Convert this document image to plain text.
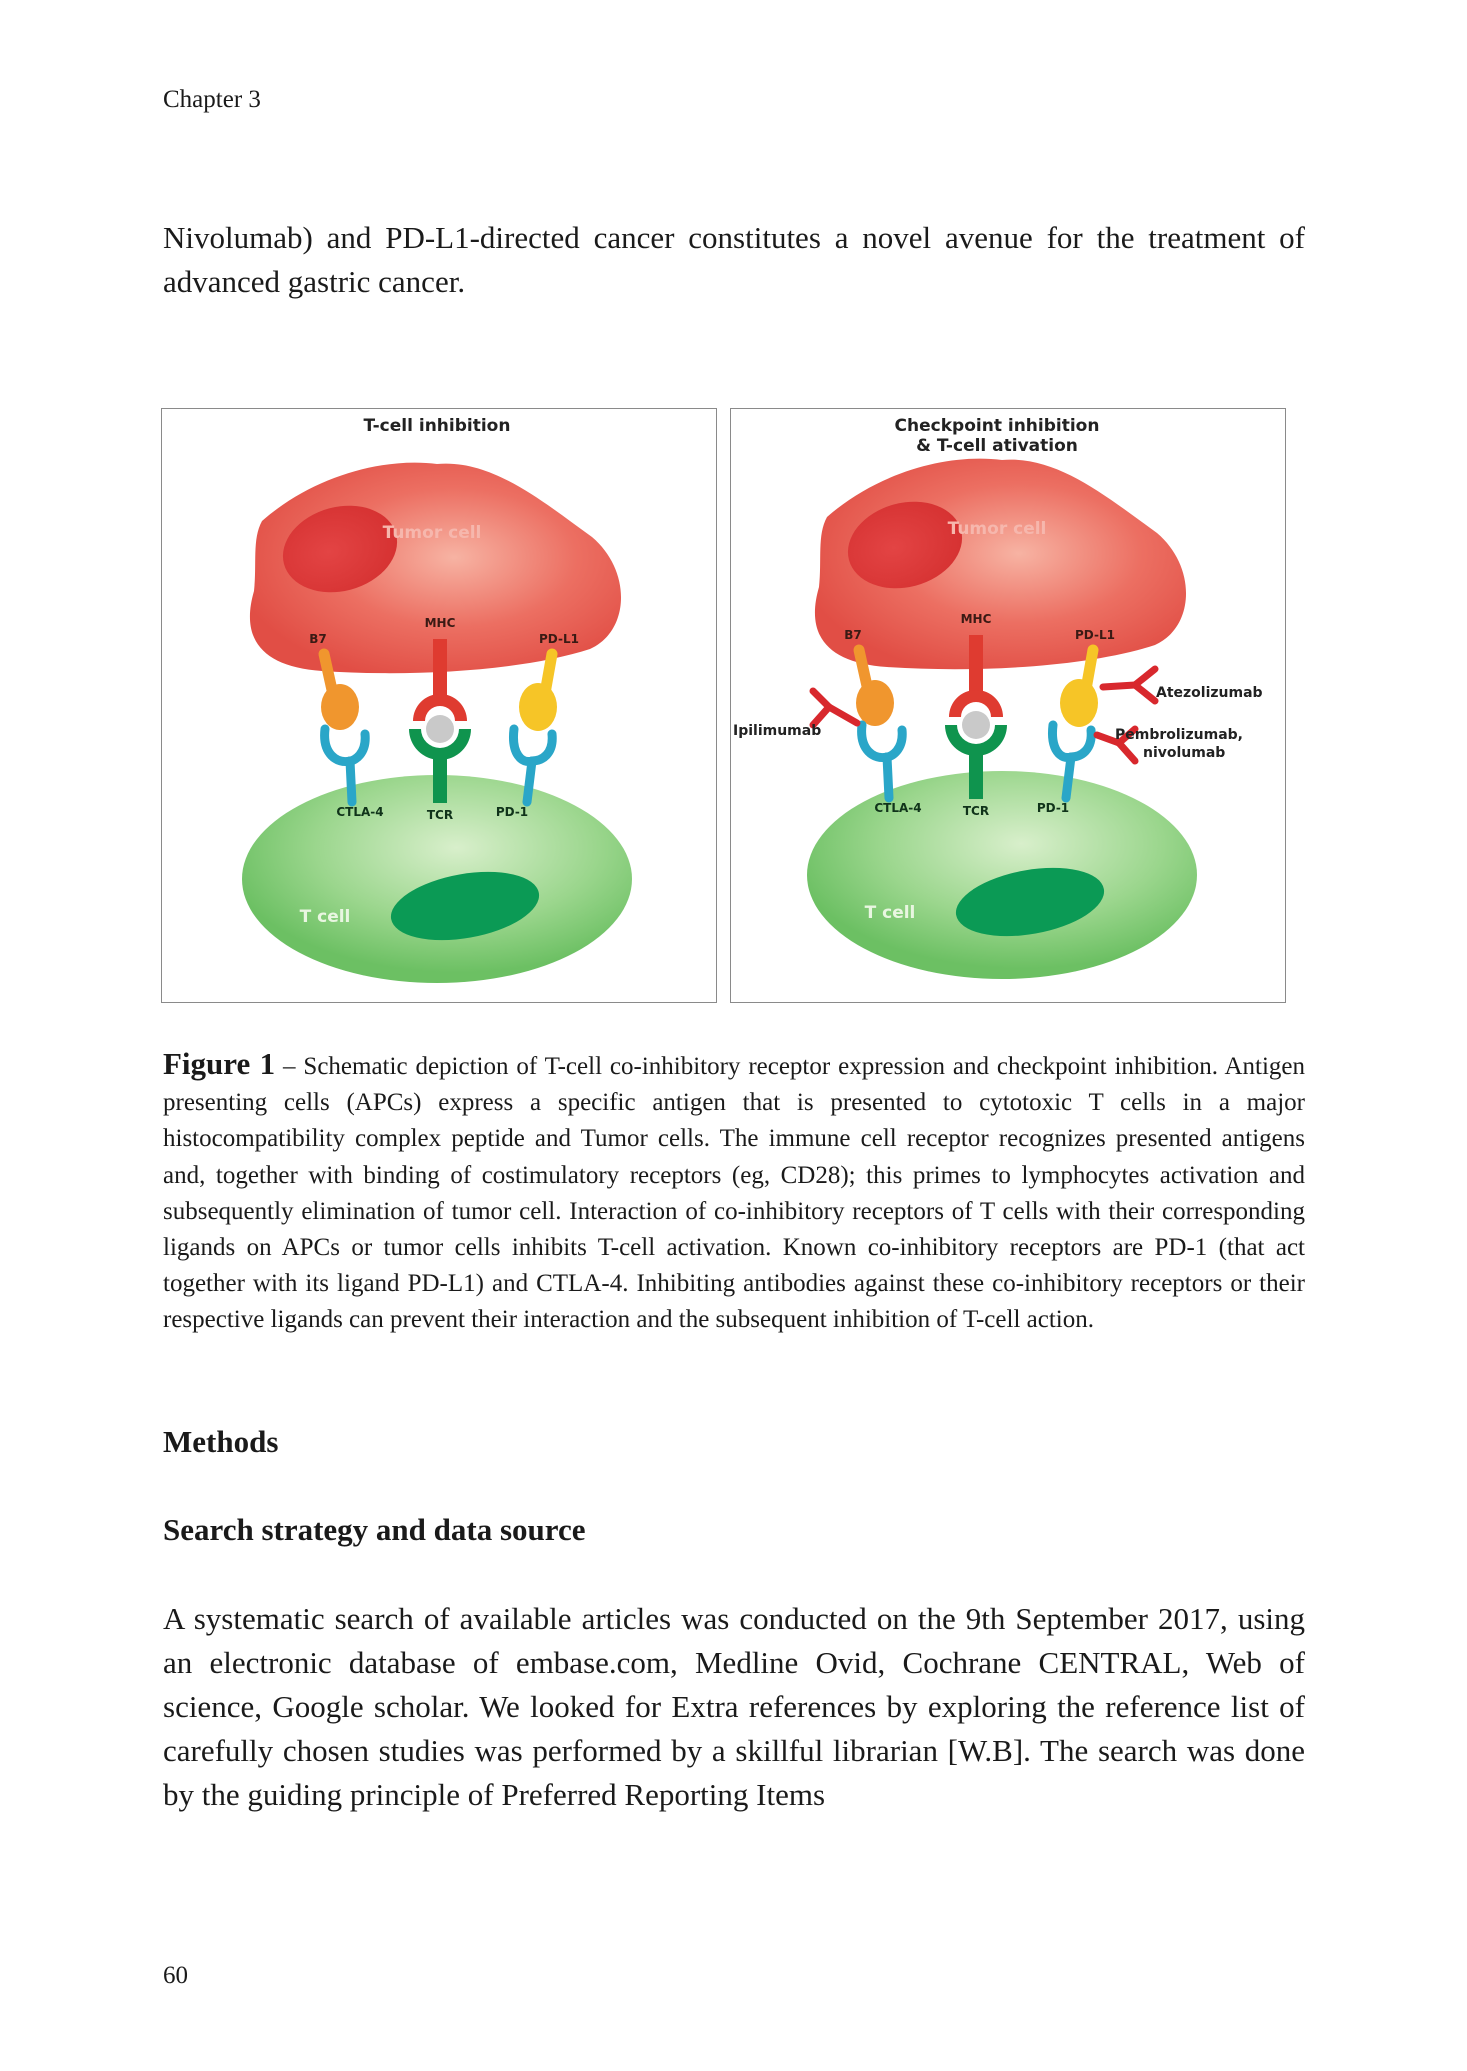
Chapter 3

Nivolumab) and PD-L1-directed cancer constitutes a novel avenue for the treatment of advanced gastric cancer.

T-cell inhibition
Tumor cell
T cell
B7
MHC
PD-L1
CTLA-4	TCR	PD-1
Checkpoint inhibition
& T-cell ativation
Tumor cell
T cell
B7
MHC
PD-L1
Atezolizumab
Ipilimumab	Pembrolizumab,
nivolumab
CTLA-4	TCR	PD-1

Figure 1 – Schematic depiction of T-cell co-inhibitory receptor expression and checkpoint inhibition. Antigen presenting cells (APCs) express a specific antigen that is presented to cytotoxic T cells in a major histocompatibility complex peptide and Tumor cells. The immune cell receptor recognizes presented antigens and, together with binding of costimulatory receptors (eg, CD28); this primes to lymphocytes activation and subsequently elimination of tumor cell. Interaction of co-inhibitory receptors of T cells with their corresponding ligands on APCs or tumor cells inhibits T-cell activation. Known co-inhibitory receptors are PD-1 (that act together with its ligand PD-L1) and CTLA-4. Inhibiting antibodies against these co-inhibitory receptors or their respective ligands can prevent their interaction and the subsequent inhibition of T-cell action.

Methods
Search strategy and data source

A systematic search of available articles was conducted on the 9th September 2017, using an electronic database of embase.com, Medline Ovid, Cochrane CENTRAL, Web of science, Google scholar. We looked for Extra references by exploring the reference list of carefully chosen studies was performed by a skillful librarian [W.B]. The search was done by the guiding principle of Preferred Reporting Items

60
